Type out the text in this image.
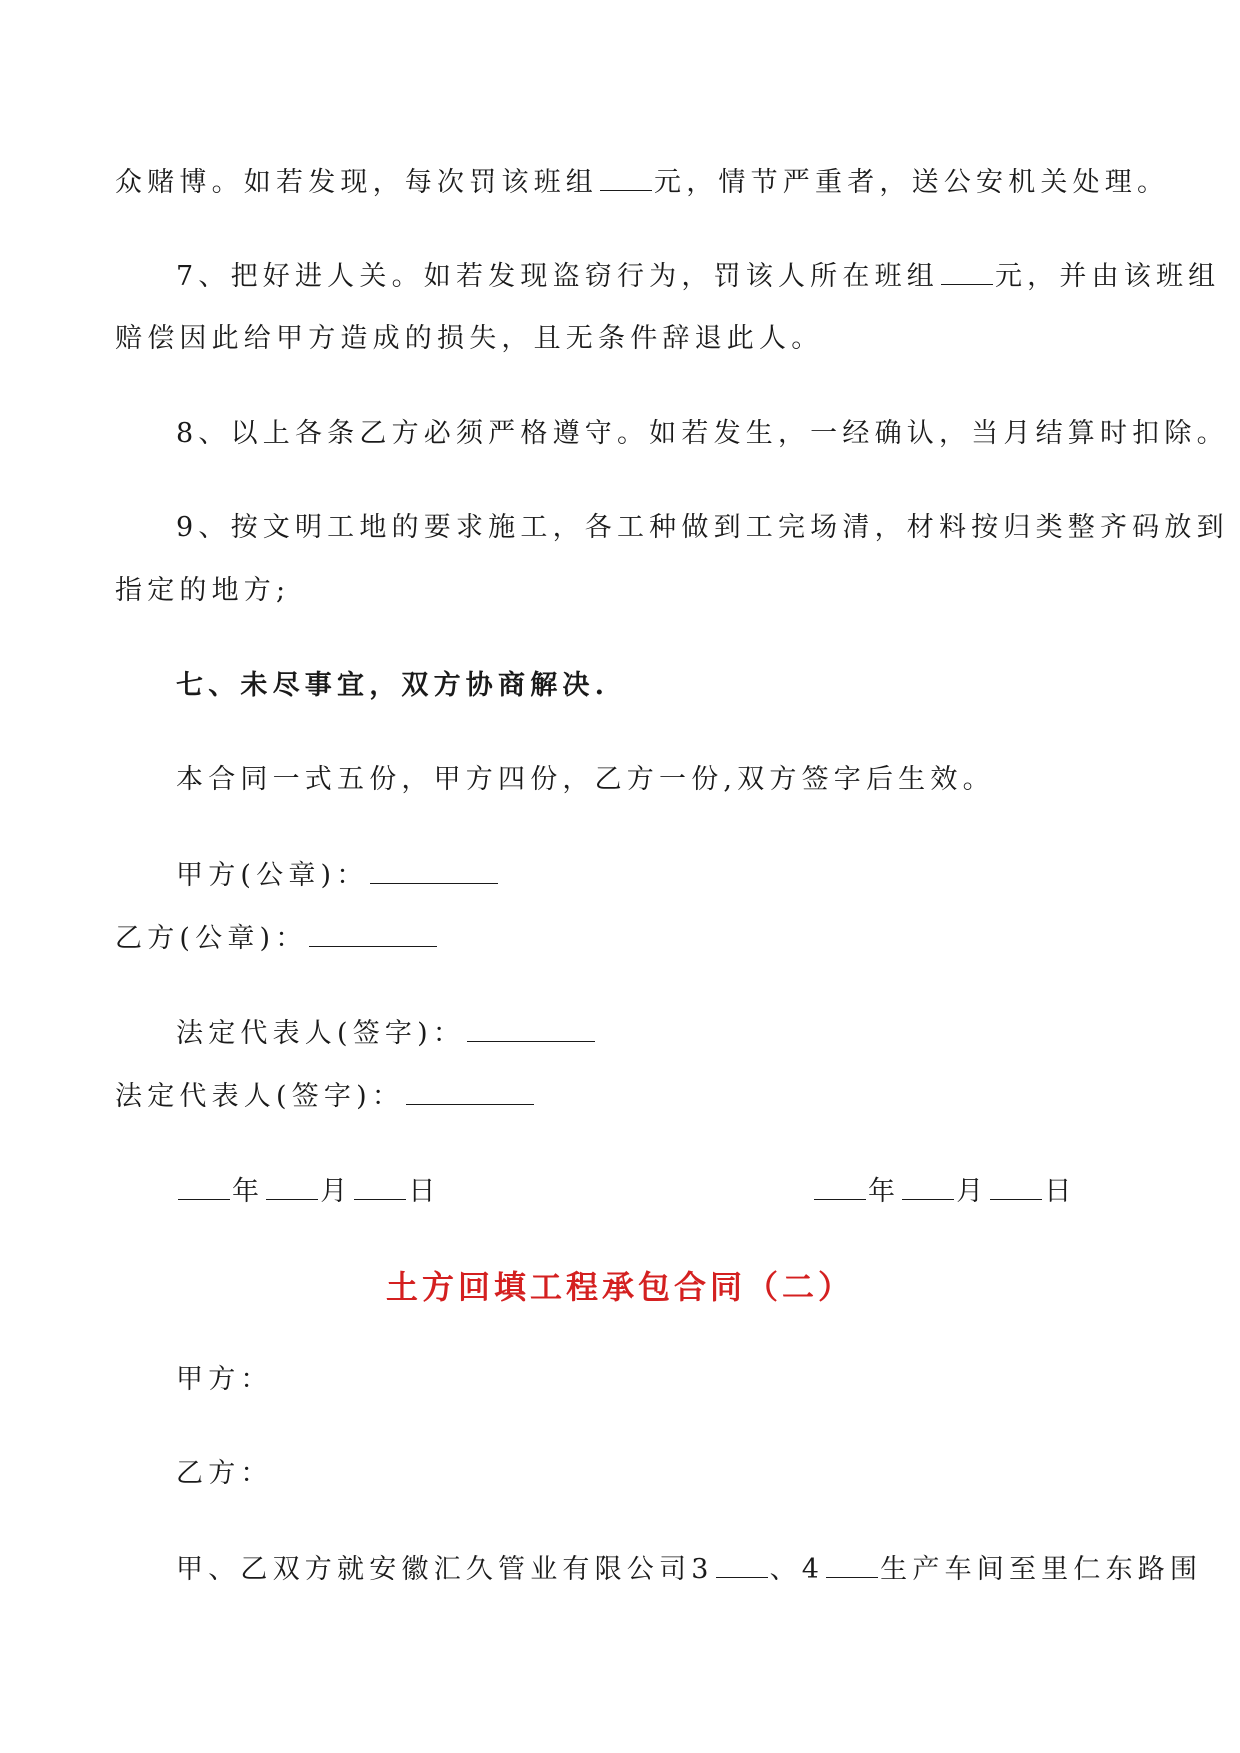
众赌博。如若发现，每次罚该班组 元，情节严重者，送公安机关处理。
7、把好进人关。如若发现盗窃行为，罚该人所在班组 元，并由该班组
赔偿因此给甲方造成的损失，且无条件辞退此人。
8、以上各条乙方必须严格遵守。如若发生，一经确认，当月结算时扣除。
9、按文明工地的要求施工，各工种做到工完场清，材料按归类整齐码放到
指定的地方;
七、未尽事宜，双方协商解决.
本合同一式五份，甲方四份，乙方一份,双方签字后生效。
甲方(公章)：
乙方(公章)：
法定代表人(签字)：
法定代表人(签字)：
年 月 日	年 月 日
土方回填工程承包合同（二）
甲方：
乙方：
甲、乙双方就安徽汇久管业有限公司3 、4 生产车间至里仁东路围
